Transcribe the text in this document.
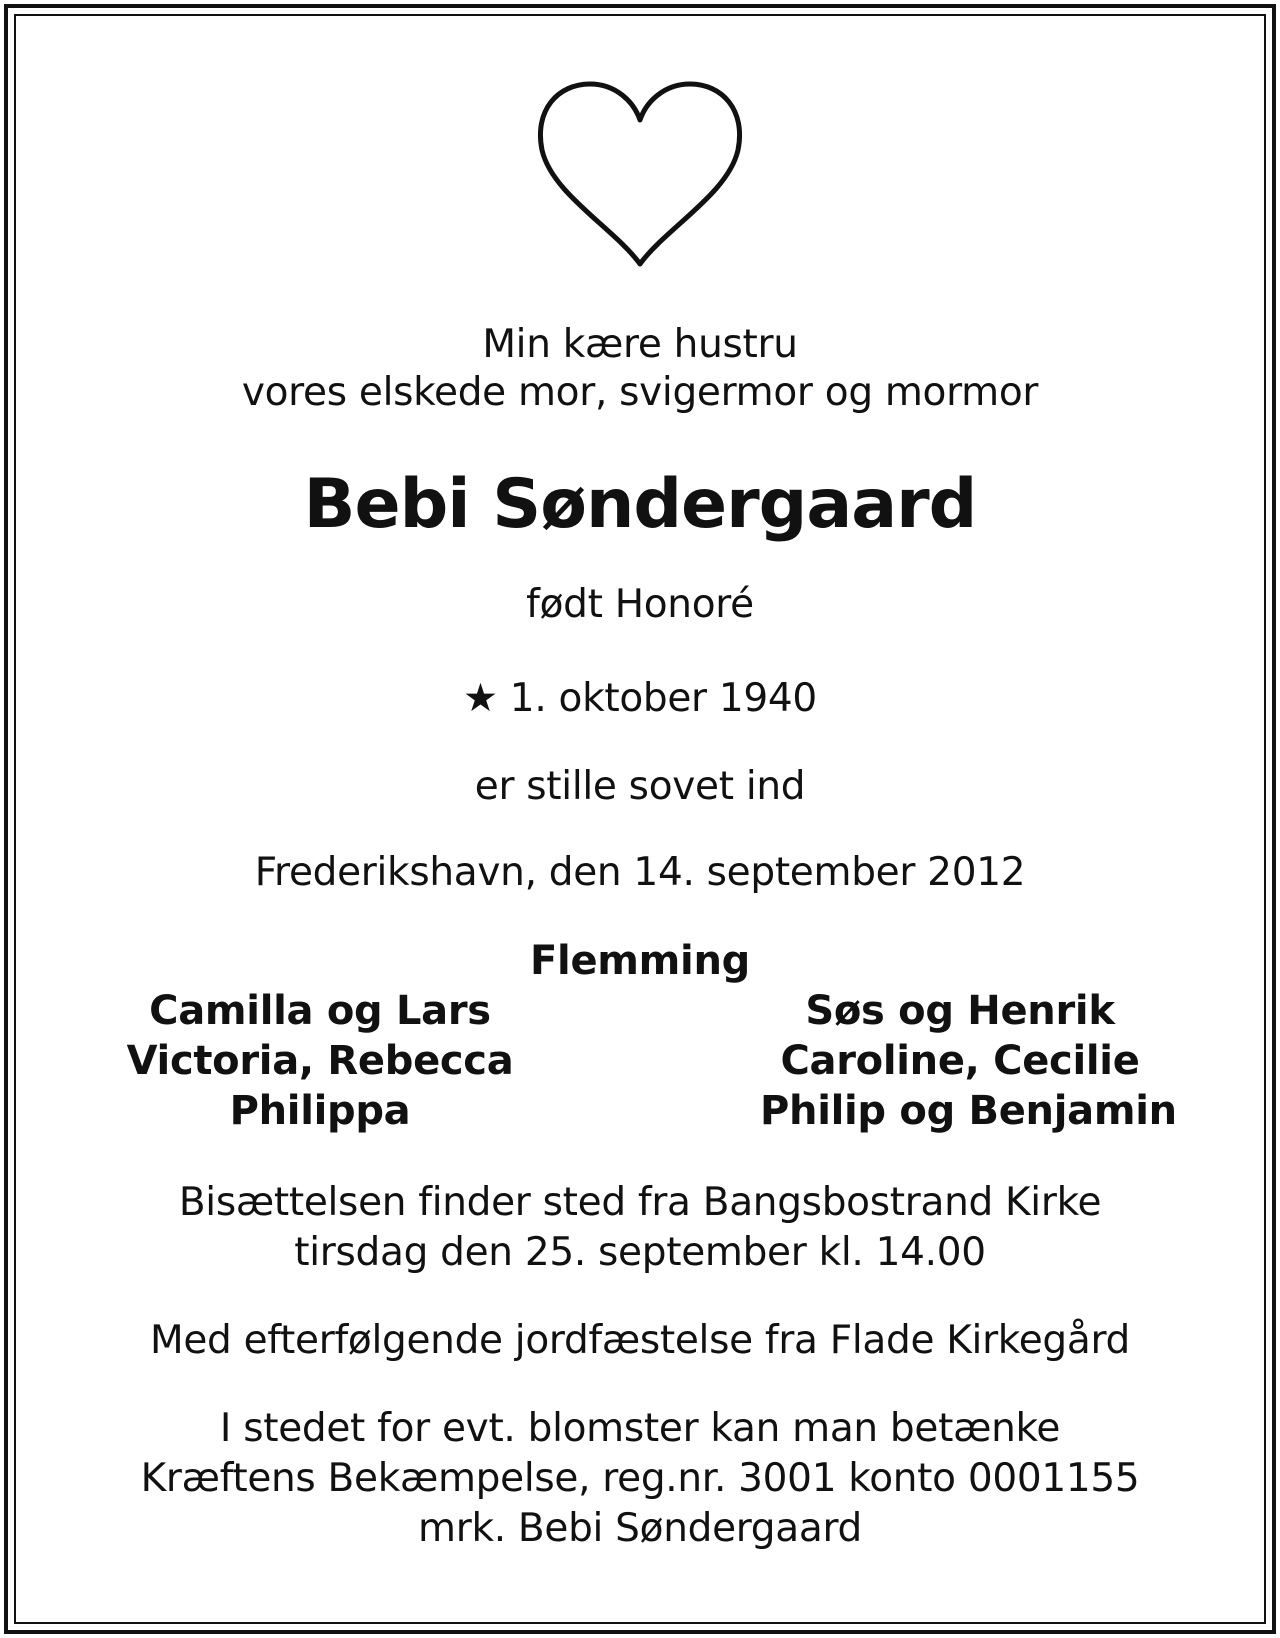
Min kære hustru
vores elskede mor, svigermor og mormor
Bebi Søndergaard
født Honoré
★ 1. oktober 1940
er stille sovet ind
Frederikshavn, den 14. september 2012
Flemming
Camilla og Lars
Victoria, Rebecca
Philippa
Søs og Henrik
Caroline, Cecilie
Philip og Benjamin
Bisættelsen finder sted fra Bangsbostrand Kirke
tirsdag den 25. september kl. 14.00
Med efterfølgende jordfæstelse fra Flade Kirkegård
I stedet for evt. blomster kan man betænke
Kræftens Bekæmpelse, reg.nr. 3001 konto 0001155
mrk. Bebi Søndergaard
